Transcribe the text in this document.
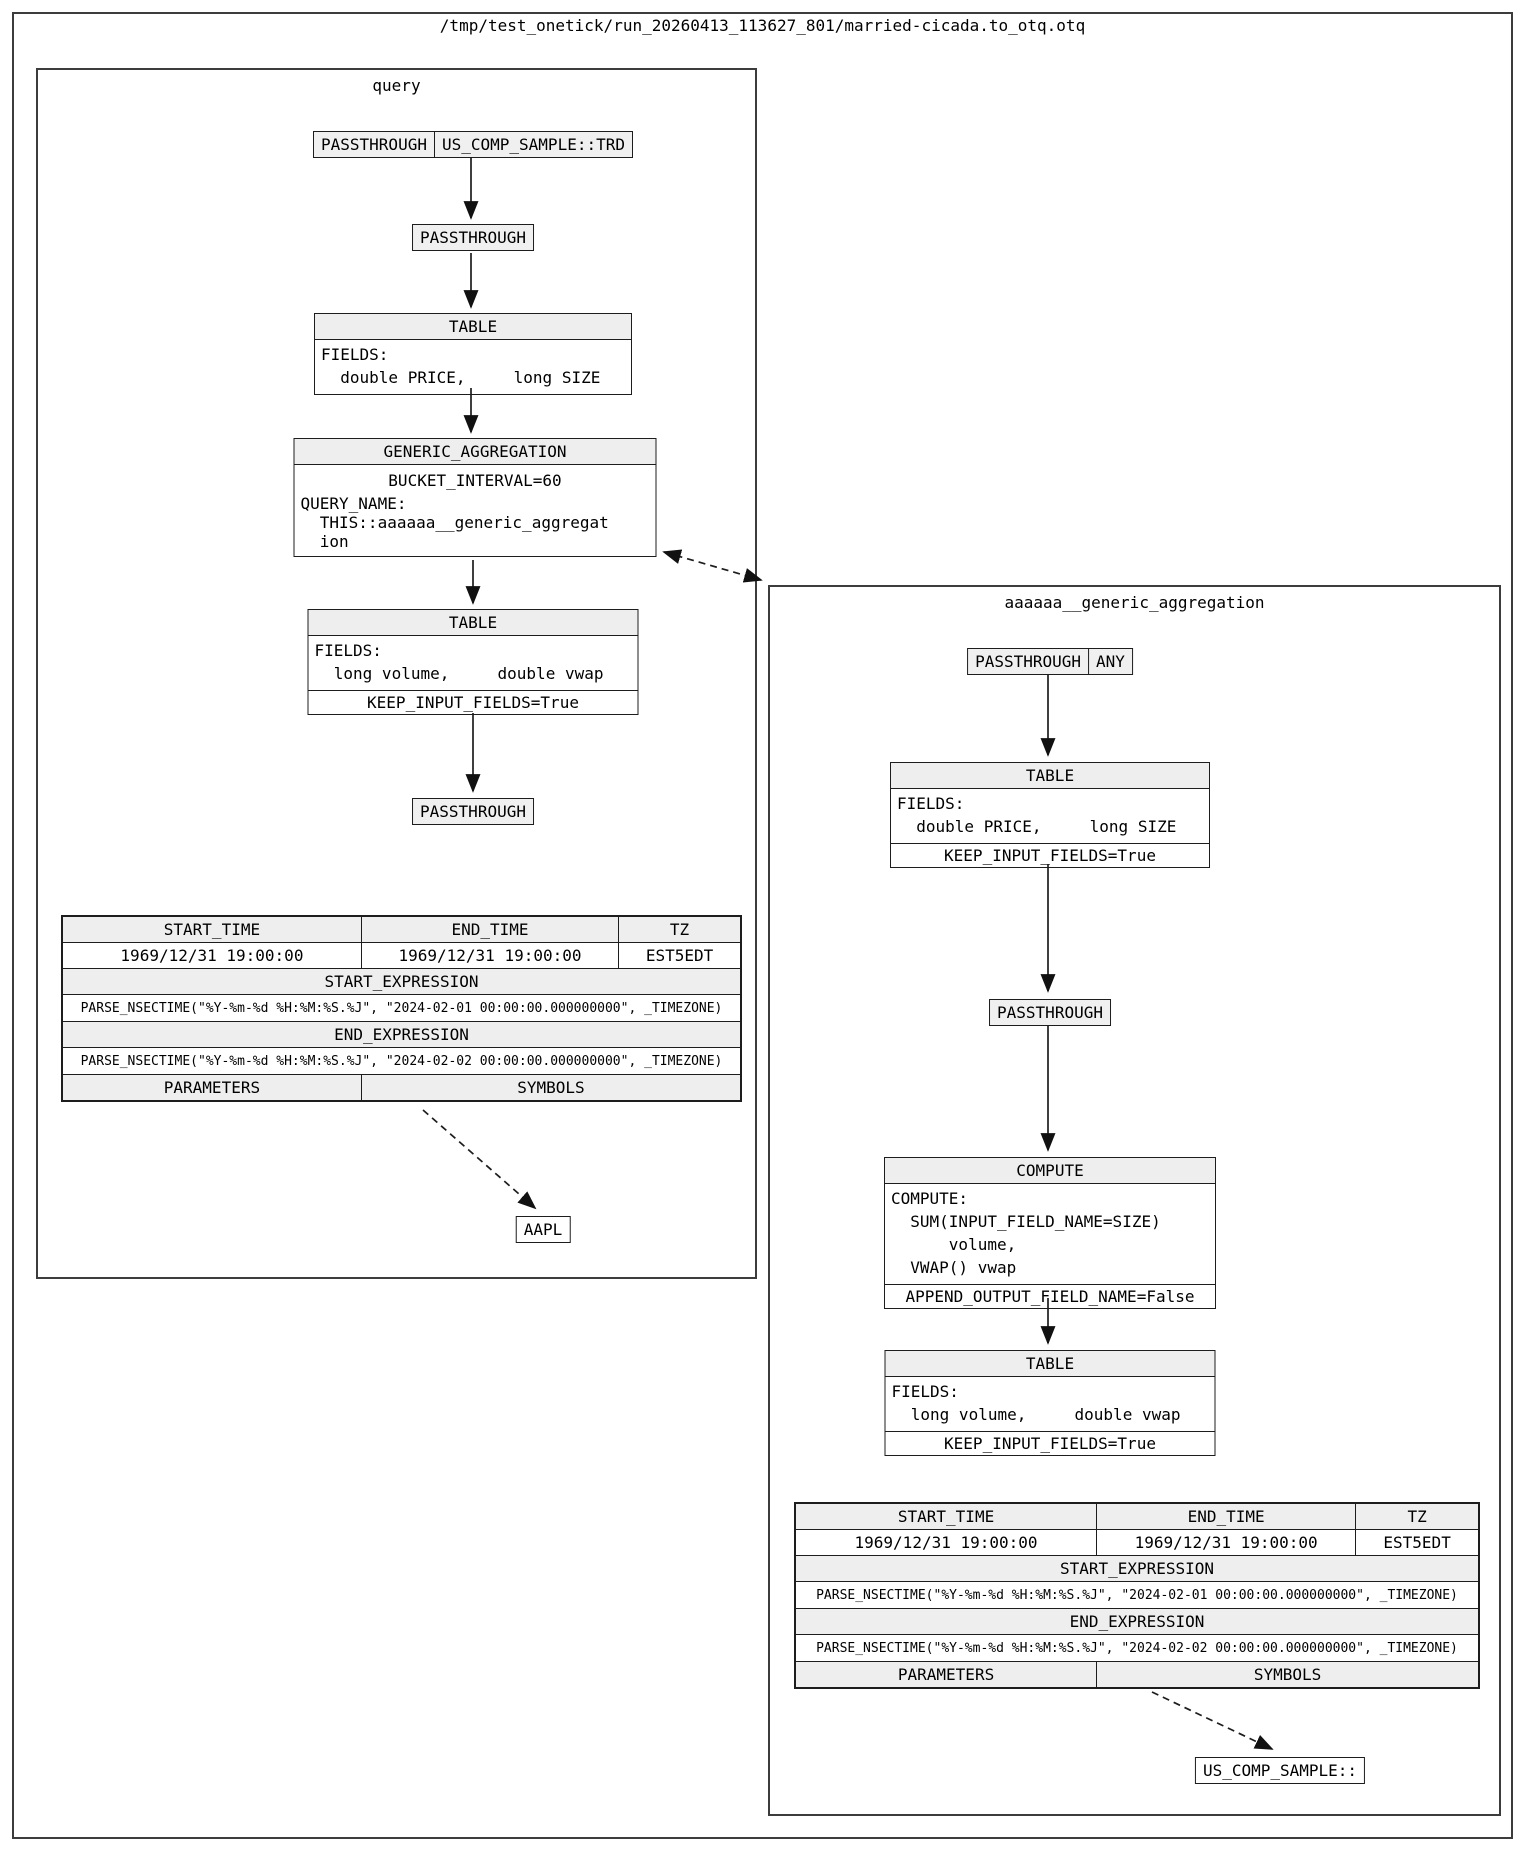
/tmp/test_onetick/run_20260413_113627_801/married-cicada.to_otq.otq
query
PASSTHROUGH US_COMP_SAMPLE::TRD
PASSTHROUGH
TABLE
FIELDS:
double PRICE,     long SIZE
GENERIC_AGGREGATION
BUCKET_INTERVAL=60
QUERY_NAME:
THIS::aaaaaa__generic_aggregat
ion
TABLE
FIELDS:
long volume,     double vwap
KEEP_INPUT_FIELDS=True
PASSTHROUGH
START_TIME	END_TIME	TZ
1969/12/31 19:00:00	1969/12/31 19:00:00	EST5EDT
START_EXPRESSION
PARSE_NSECTIME("%Y-%m-%d %H:%M:%S.%J", "2024-02-01 00:00:00.000000000", _TIMEZONE)
END_EXPRESSION
PARSE_NSECTIME("%Y-%m-%d %H:%M:%S.%J", "2024-02-02 00:00:00.000000000", _TIMEZONE)
PARAMETERS	SYMBOLS
AAPL
aaaaaa__generic_aggregation
PASSTHROUGH ANY
TABLE
FIELDS:
double PRICE,     long SIZE
KEEP_INPUT_FIELDS=True
PASSTHROUGH
COMPUTE
COMPUTE:
SUM(INPUT_FIELD_NAME=SIZE)
volume,
VWAP() vwap
APPEND_OUTPUT_FIELD_NAME=False
TABLE
FIELDS:
long volume,     double vwap
KEEP_INPUT_FIELDS=True
START_TIME	END_TIME	TZ
1969/12/31 19:00:00	1969/12/31 19:00:00	EST5EDT
START_EXPRESSION
PARSE_NSECTIME("%Y-%m-%d %H:%M:%S.%J", "2024-02-01 00:00:00.000000000", _TIMEZONE)
END_EXPRESSION
PARSE_NSECTIME("%Y-%m-%d %H:%M:%S.%J", "2024-02-02 00:00:00.000000000", _TIMEZONE)
PARAMETERS	SYMBOLS
US_COMP_SAMPLE::
